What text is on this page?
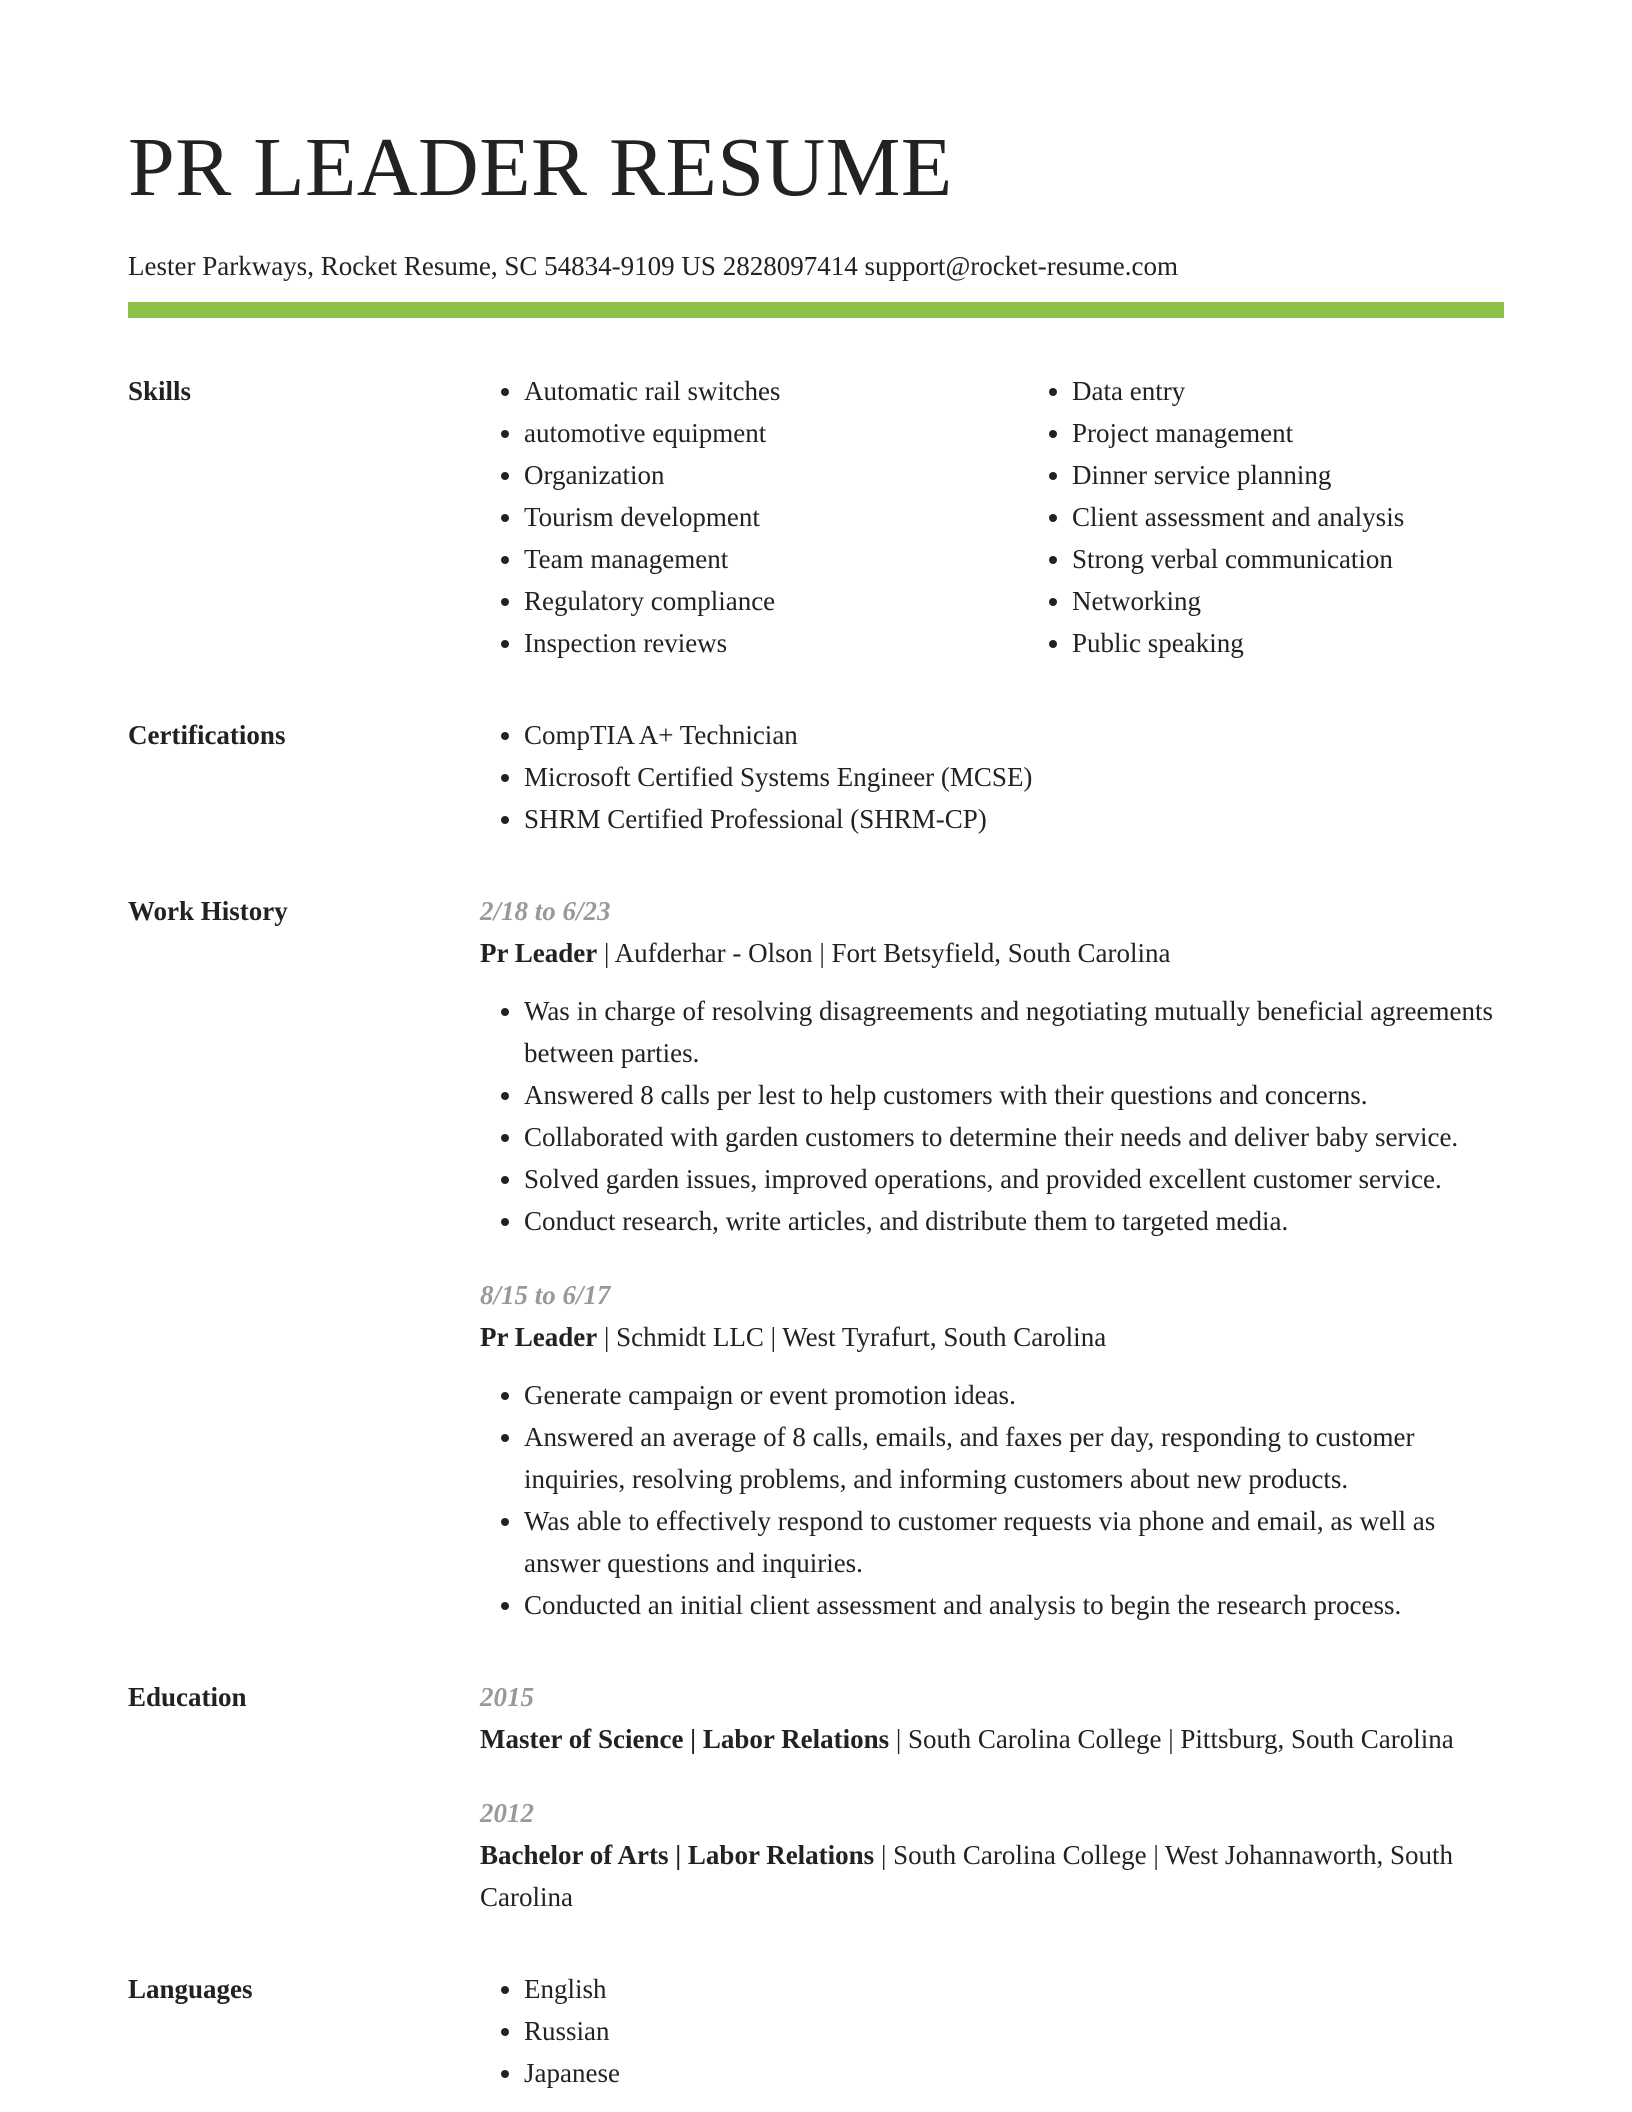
PR LEADER RESUME
Lester Parkways, Rocket Resume, SC 54834-9109 US 2828097414 support@rocket-resume.com
Skills	• Automatic rail switches
• automotive equipment
• Organization
• Tourism development
• Team management
• Regulatory compliance
• Inspection reviews
• Data entry
• Project management
• Dinner service planning
• Client assessment and analysis
• Strong verbal communication
• Networking
• Public speaking
Certifications	• CompTIA A+ Technician
• Microsoft Certified Systems Engineer (MCSE)
• SHRM Certified Professional (SHRM-CP)
Work History	2/18 to 6/23
Pr Leader | Aufderhar - Olson | Fort Betsyfield, South Carolina
• Was in charge of resolving disagreements and negotiating mutually beneficial agreements between parties.
• Answered 8 calls per lest to help customers with their questions and concerns.
• Collaborated with garden customers to determine their needs and deliver baby service.
• Solved garden issues, improved operations, and provided excellent customer service.
• Conduct research, write articles, and distribute them to targeted media.
8/15 to 6/17
Pr Leader | Schmidt LLC | West Tyrafurt, South Carolina
• Generate campaign or event promotion ideas.
• Answered an average of 8 calls, emails, and faxes per day, responding to customer inquiries, resolving problems, and informing customers about new products.
• Was able to effectively respond to customer requests via phone and email, as well as answer questions and inquiries.
• Conducted an initial client assessment and analysis to begin the research process.
Education	2015
Master of Science | Labor Relations | South Carolina College | Pittsburg, South Carolina
2012
Bachelor of Arts | Labor Relations | South Carolina College | West Johannaworth, South Carolina
Languages	• English
• Russian
• Japanese
